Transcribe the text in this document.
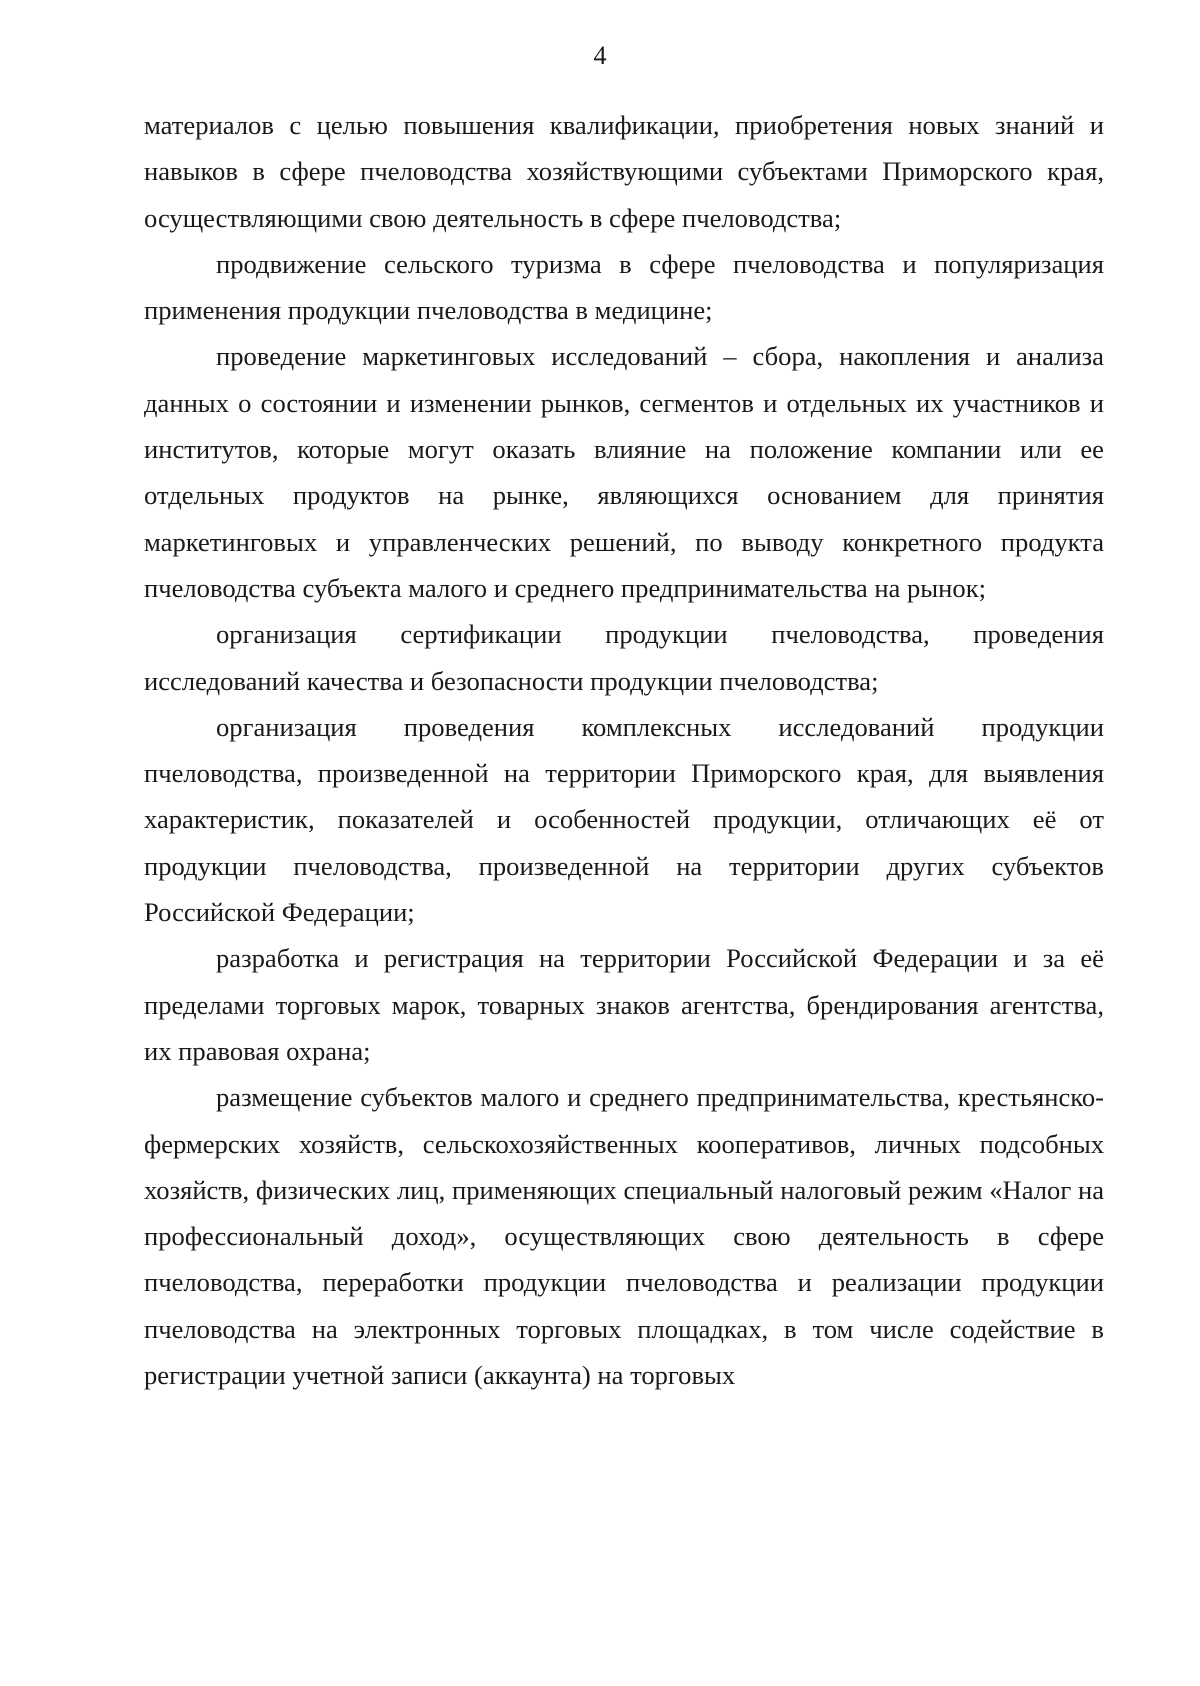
4

материалов с целью повышения квалификации, приобретения новых знаний и навыков в сфере пчеловодства хозяйствующими субъектами Приморского края, осуществляющими свою деятельность в сфере пчеловодства;

продвижение сельского туризма в сфере пчеловодства и популяризация применения продукции пчеловодства в медицине;

проведение маркетинговых исследований – сбора, накопления и анализа данных о состоянии и изменении рынков, сегментов и отдельных их участников и институтов, которые могут оказать влияние на положение компании или ее отдельных продуктов на рынке, являющихся основанием для принятия маркетинговых и управленческих решений, по выводу конкретного продукта пчеловодства субъекта малого и среднего предпринимательства на рынок;

организация сертификации продукции пчеловодства, проведения исследований качества и безопасности продукции пчеловодства;

организация проведения комплексных исследований продукции пчеловодства, произведенной на территории Приморского края, для выявления характеристик, показателей и особенностей продукции, отличающих её от продукции пчеловодства, произведенной на территории других субъектов Российской Федерации;

разработка и регистрация на территории Российской Федерации и за её пределами торговых марок, товарных знаков агентства, брендирования агентства, их правовая охрана;

размещение субъектов малого и среднего предпринимательства, крестьянско-фермерских хозяйств, сельскохозяйственных кооперативов, личных подсобных хозяйств, физических лиц, применяющих специальный налоговый режим «Налог на профессиональный доход», осуществляющих свою деятельность в сфере пчеловодства, переработки продукции пчеловодства и реализации продукции пчеловодства на электронных торговых площадках, в том числе содействие в регистрации учетной записи (аккаунта) на торговых
